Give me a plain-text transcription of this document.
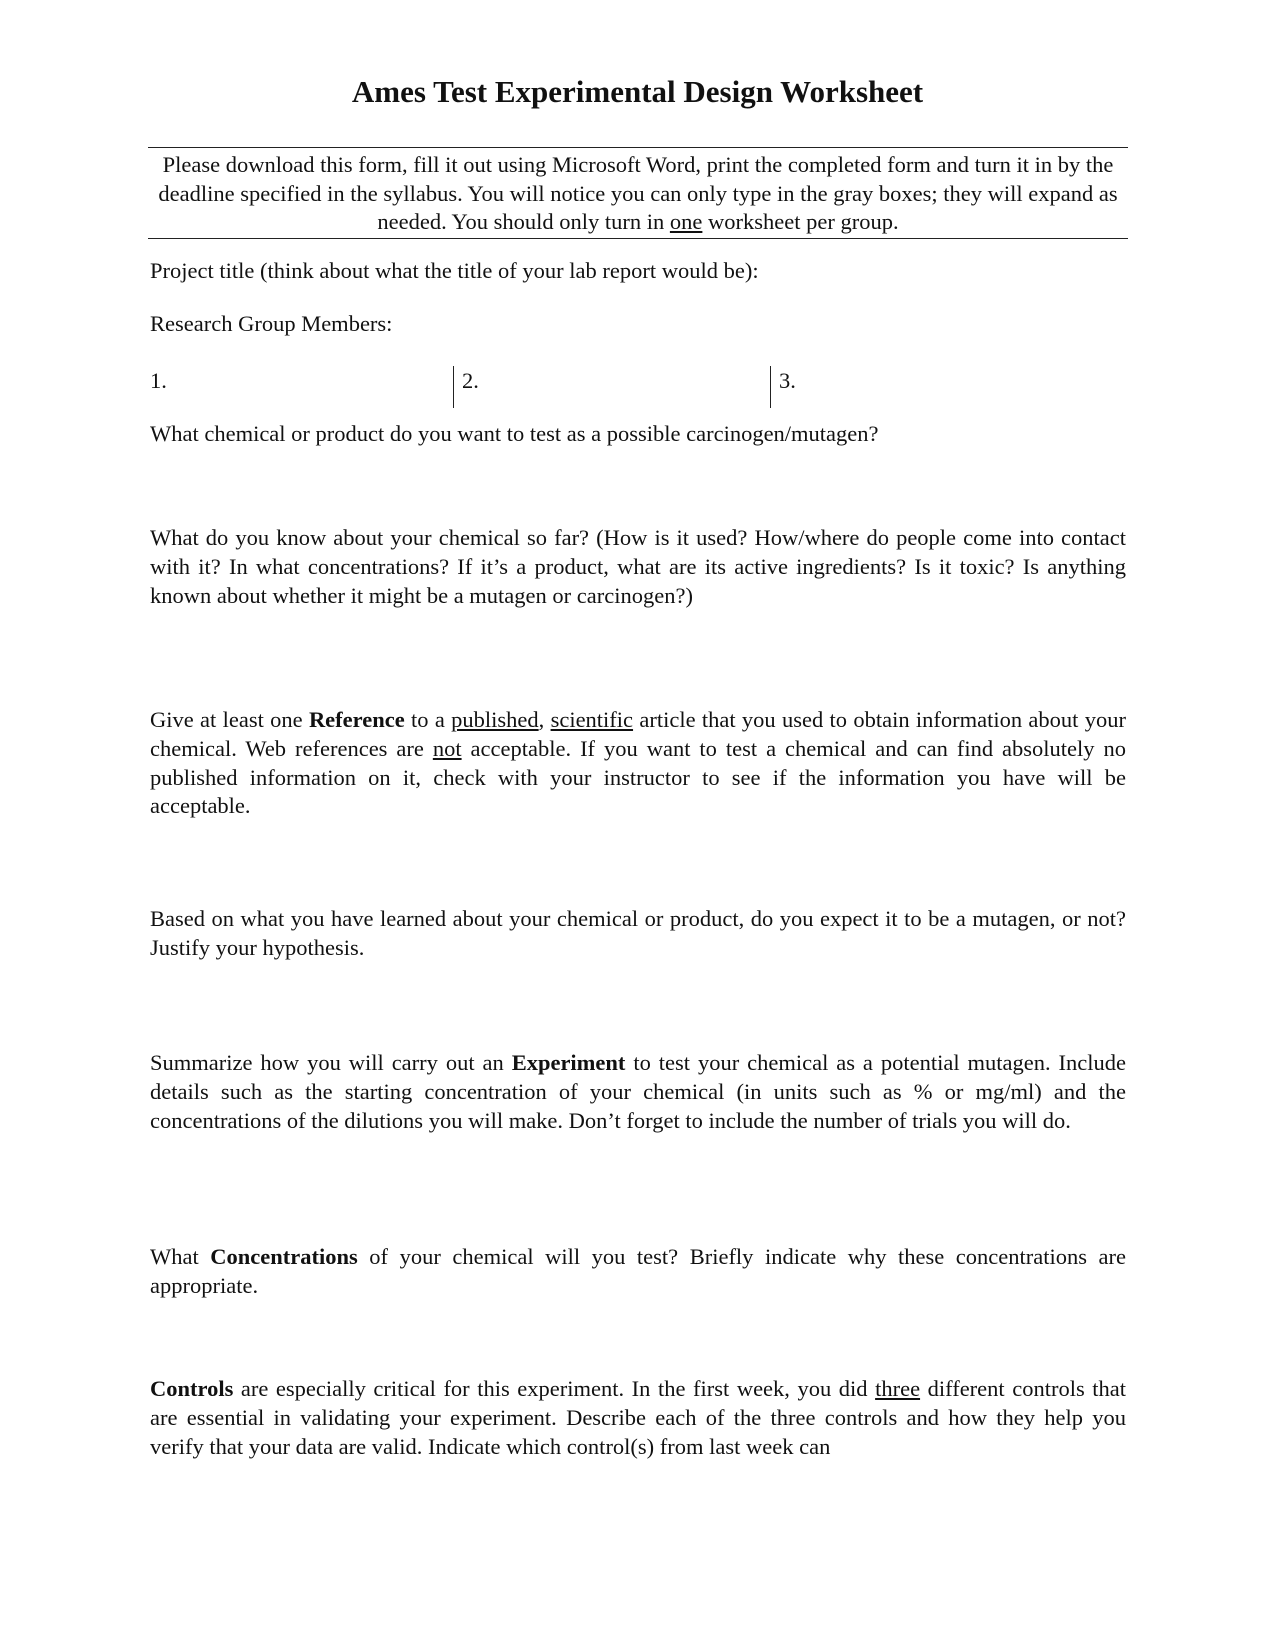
Ames Test Experimental Design Worksheet
Please download this form, fill it out using Microsoft Word, print the completed form and turn it in by the deadline specified in the syllabus. You will notice you can only type in the gray boxes; they will expand as needed. You should only turn in one worksheet per group.

Project title (think about what the title of your lab report would be):

Research Group Members:

1.	2.	3.

What chemical or product do you want to test as a possible carcinogen/mutagen?

What do you know about your chemical so far? (How is it used? How/where do people come into contact with it? In what concentrations? If it’s a product, what are its active ingredients? Is it toxic? Is anything known about whether it might be a mutagen or carcinogen?)

Give at least one Reference to a published, scientific article that you used to obtain information about your chemical. Web references are not acceptable. If you want to test a chemical and can find absolutely no published information on it, check with your instructor to see if the information you have will be acceptable.

Based on what you have learned about your chemical or product, do you expect it to be a mutagen, or not? Justify your hypothesis.

Summarize how you will carry out an Experiment to test your chemical as a potential mutagen. Include details such as the starting concentration of your chemical (in units such as % or mg/ml) and the concentrations of the dilutions you will make. Don’t forget to include the number of trials you will do.

What Concentrations of your chemical will you test? Briefly indicate why these concentrations are appropriate.

Controls are especially critical for this experiment. In the first week, you did three different controls that are essential in validating your experiment. Describe each of the three controls and how they help you verify that your data are valid. Indicate which control(s) from last week can
